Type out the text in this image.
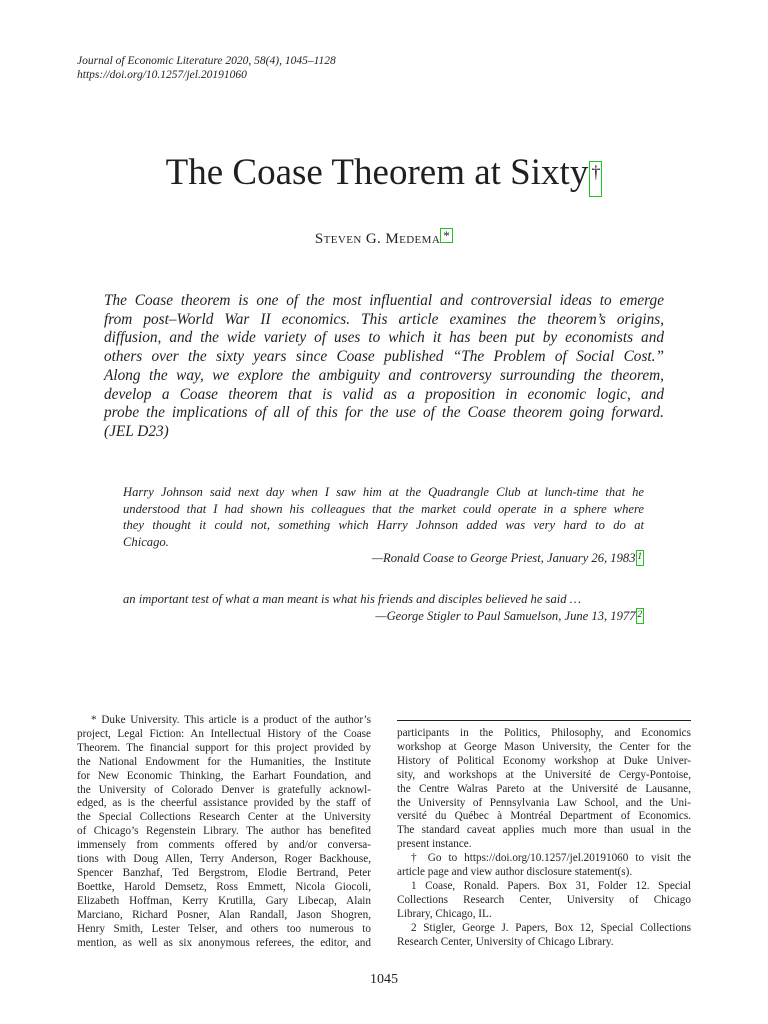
Journal of Economic Literature 2020, 58(4), 1045–1128
https://doi.org/10.1257/jel.20191060
The Coase Theorem at Sixty †
Steven G. Medema *
The Coase theorem is one of the most influential and controversial ideas to emerge
from post–World War II economics. This article examines the theorem’s origins,
diffusion, and the wide variety of uses to which it has been put by economists and
others over the sixty years since Coase published “The Problem of Social Cost.”
Along the way, we explore the ambiguity and controversy surrounding the theorem,
develop a Coase theorem that is valid as a proposition in economic logic, and
probe the implications of all of this for the use of the Coase theorem going forward.
(JEL D23)
Harry Johnson said next day when I saw him at the Quadrangle Club at lunch-time that he
understood that I had shown his colleagues that the market could operate in a sphere where
they thought it could not, something which Harry Johnson added was very hard to do at
Chicago.
—Ronald Coase to George Priest, January 26, 1983 1
an important test of what a man meant is what his friends and disciples believed he said …
—George Stigler to Paul Samuelson, June 13, 1977 2
* Duke University. This article is a product of the author’s
project, Legal Fiction: An Intellectual History of the Coase
Theorem. The financial support for this project provided by
the National Endowment for the Humanities, the Institute
for New Economic Thinking, the Earhart Foundation, and
the University of Colorado Denver is gratefully acknowl-
edged, as is the cheerful assistance provided by the staff of
the Special Collections Research Center at the University
of Chicago’s Regenstein Library. The author has benefited
immensely from comments offered by and/or conversa-
tions with Doug Allen, Terry Anderson, Roger Backhouse,
Spencer Banzhaf, Ted Bergstrom, Elodie Bertrand, Peter
Boettke, Harold Demsetz, Ross Emmett, Nicola Giocoli,
Elizabeth Hoffman, Kerry Krutilla, Gary Libecap, Alain
Marciano, Richard Posner, Alan Randall, Jason Shogren,
Henry Smith, Lester Telser, and others too numerous to
mention, as well as six anonymous referees, the editor, and
participants in the Politics, Philosophy, and Economics
workshop at George Mason University, the Center for the
History of Political Economy workshop at Duke Univer-
sity, and workshops at the Université de Cergy-Pontoise,
the Centre Walras Pareto at the Université de Lausanne,
the University of Pennsylvania Law School, and the Uni-
versité du Québec à Montréal Department of Economics.
The standard caveat applies much more than usual in the
present instance.
† Go to https://doi.org/10.1257/jel.20191060 to visit the
article page and view author disclosure statement(s).
1 Coase, Ronald. Papers. Box 31, Folder 12. Special
Collections Research Center, University of Chicago
Library, Chicago, IL.
2 Stigler, George J. Papers, Box 12, Special Collections
Research Center, University of Chicago Library.
1045
